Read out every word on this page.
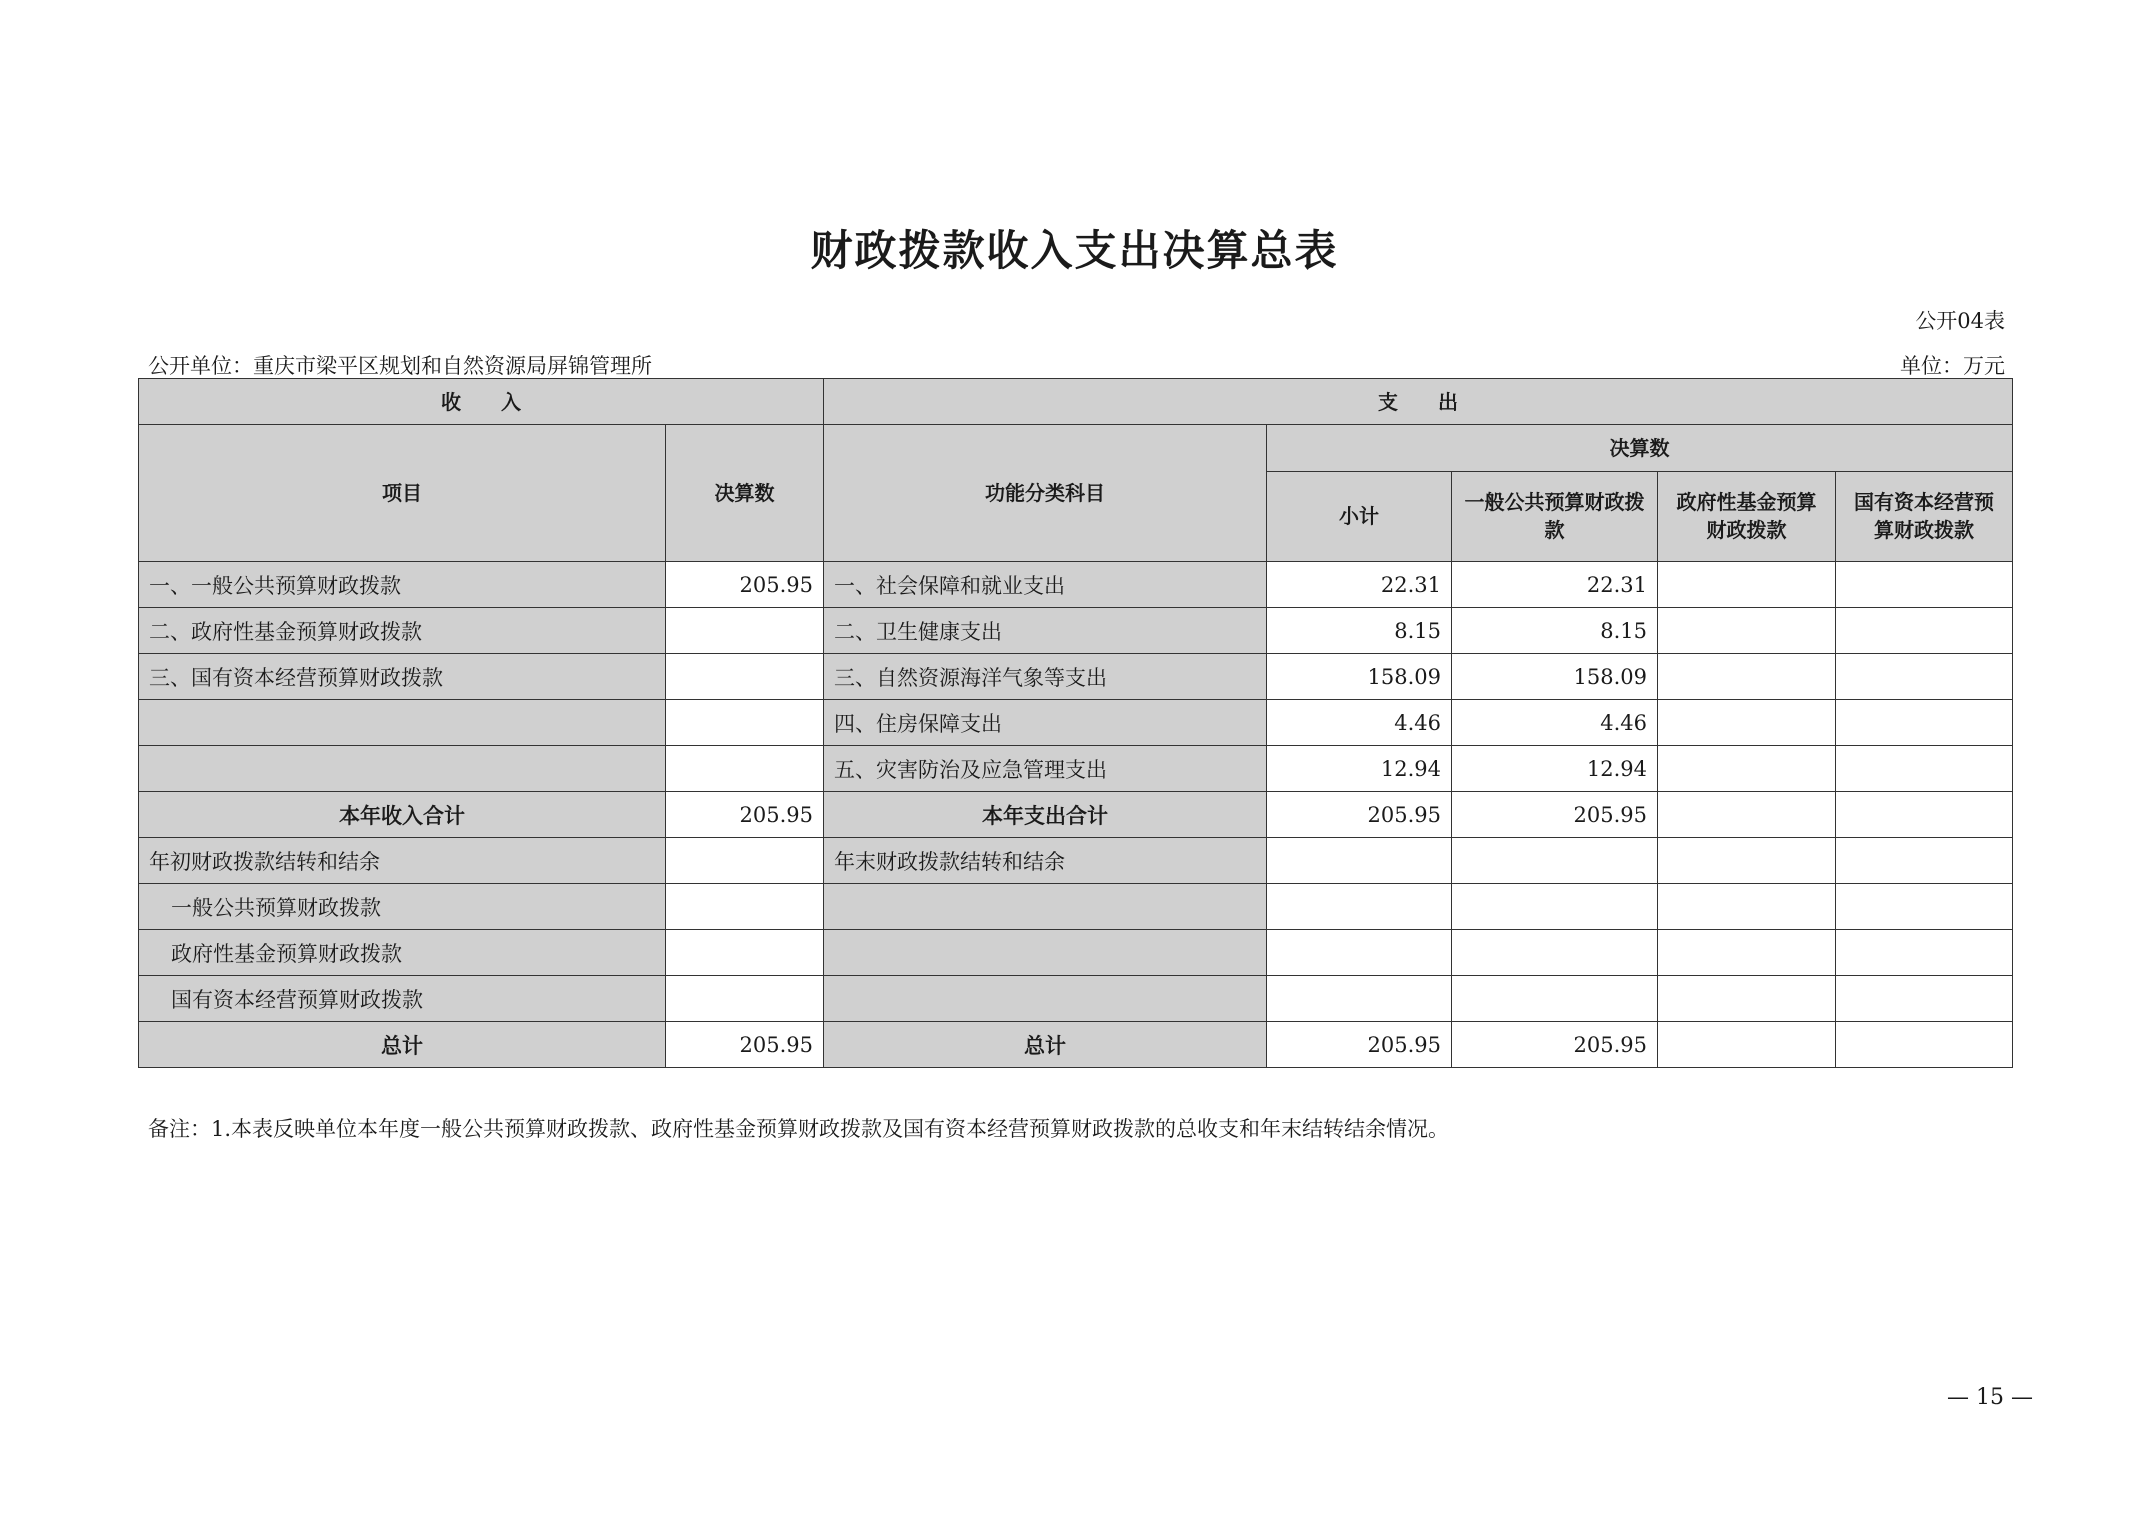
财政拨款收入支出决算总表
公开04表
公开单位：重庆市梁平区规划和自然资源局屏锦管理所	单位：万元
收　　入		支　　出				
项目	决算数	功能分类科目	决算数			
			小计	一般公共预算财政拨款	政府性基金预算财政拨款	国有资本经营预算财政拨款
一、一般公共预算财政拨款	205.95	一、社会保障和就业支出	22.31	22.31		
二、政府性基金预算财政拨款		二、卫生健康支出	8.15	8.15		
三、国有资本经营预算财政拨款		三、自然资源海洋气象等支出	158.09	158.09		
		四、住房保障支出	4.46	4.46		
		五、灾害防治及应急管理支出	12.94	12.94		
本年收入合计	205.95	本年支出合计	205.95	205.95		
年初财政拨款结转和结余		年末财政拨款结转和结余				
一般公共预算财政拨款						
政府性基金预算财政拨款						
国有资本经营预算财政拨款						
总计	205.95	总计	205.95	205.95		
备注：1.本表反映单位本年度一般公共预算财政拨款、政府性基金预算财政拨款及国有资本经营预算财政拨款的总收支和年末结转结余情况。
— 15 —
